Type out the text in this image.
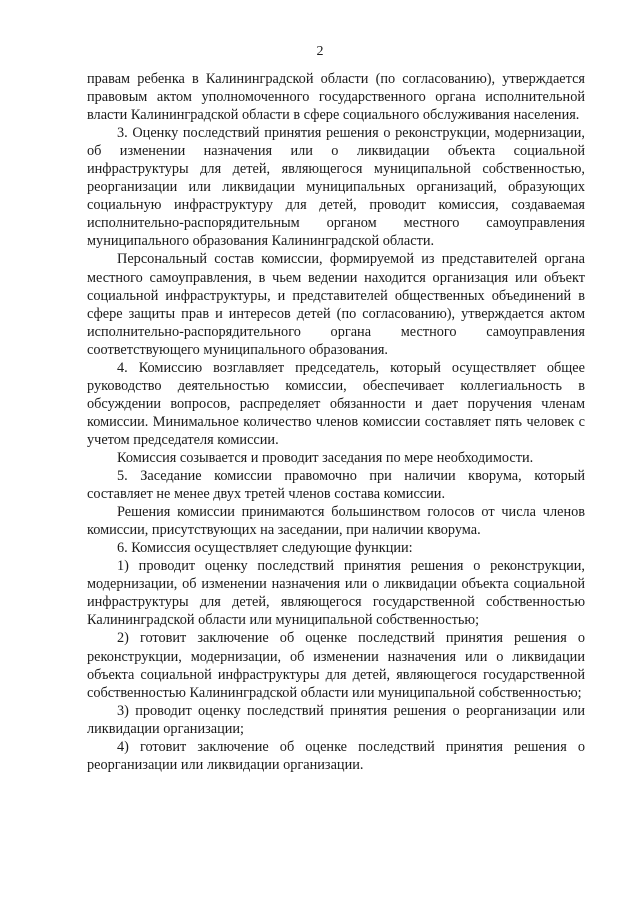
2

правам ребенка в Калининградской области (по согласованию), утверждается правовым актом уполномоченного государственного органа исполнительной власти Калининградской области в сфере социального обслуживания населения.

3. Оценку последствий принятия решения о реконструкции, модернизации, об изменении назначения или о ликвидации объекта социальной инфраструктуры для детей, являющегося муниципальной собственностью, реорганизации или ликвидации муниципальных организаций, образующих социальную инфраструктуру для детей, проводит комиссия, создаваемая исполнительно-распорядительным органом местного самоуправления муниципального образования Калининградской области.

Персональный состав комиссии, формируемой из представителей органа местного самоуправления, в чьем ведении находится организация или объект социальной инфраструктуры, и представителей общественных объединений в сфере защиты прав и интересов детей (по согласованию), утверждается актом исполнительно-распорядительного органа местного самоуправления соответствующего муниципального образования.

4. Комиссию возглавляет председатель, который осуществляет общее руководство деятельностью комиссии, обеспечивает коллегиальность в обсуждении вопросов, распределяет обязанности и дает поручения членам комиссии. Минимальное количество членов комиссии составляет пять человек с учетом председателя комиссии.

Комиссия созывается и проводит заседания по мере необходимости.

5. Заседание комиссии правомочно при наличии кворума, который составляет не менее двух третей членов состава комиссии.

Решения комиссии принимаются большинством голосов от числа членов комиссии, присутствующих на заседании, при наличии кворума.

6. Комиссия осуществляет следующие функции:

1) проводит оценку последствий принятия решения о реконструкции, модернизации, об изменении назначения или о ликвидации объекта социальной инфраструктуры для детей, являющегося государственной собственностью Калининградской области или муниципальной собственностью;

2) готовит заключение об оценке последствий принятия решения о реконструкции, модернизации, об изменении назначения или о ликвидации объекта социальной инфраструктуры для детей, являющегося государственной собственностью Калининградской области или муниципальной собственностью;

3) проводит оценку последствий принятия решения о реорганизации или ликвидации организации;

4) готовит заключение об оценке последствий принятия решения о реорганизации или ликвидации организации.
